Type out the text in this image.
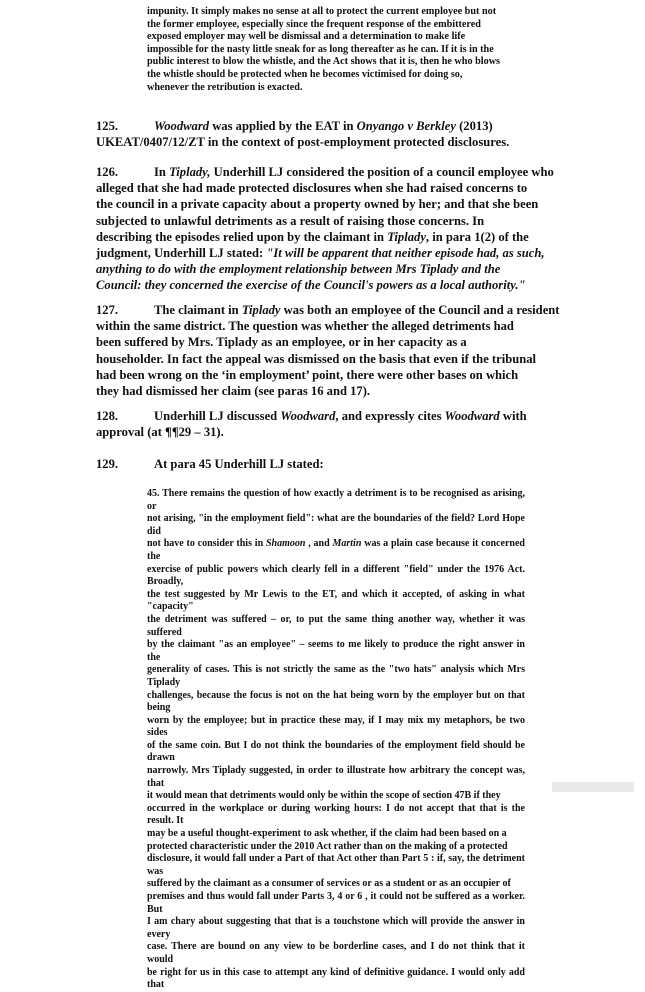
impunity. It simply makes no sense at all to protect the current employee but not
the former employee, especially since the frequent response of the embittered
exposed employer may well be dismissal and a determination to make life
impossible for the nasty little sneak for as long thereafter as he can. If it is in the
public interest to blow the whistle, and the Act shows that it is, then he who blows
the whistle should be protected when he becomes victimised for doing so,
whenever the retribution is exacted.
125.	Woodward was applied by the EAT in Onyango v Berkley (2013)
UKEAT/0407/12/ZT in the context of post-employment protected disclosures.
126.	In Tiplady, Underhill LJ considered the position of a council employee who
alleged that she had made protected disclosures when she had raised concerns to
the council in a private capacity about a property owned by her; and that she been
subjected to unlawful detriments as a result of raising those concerns. In
describing the episodes relied upon by the claimant in Tiplady, in para 1(2) of the
judgment, Underhill LJ stated: "It will be apparent that neither episode had, as such,
anything to do with the employment relationship between Mrs Tiplady and the
Council: they concerned the exercise of the Council's powers as a local authority."
127.	The claimant in Tiplady was both an employee of the Council and a resident
within the same district. The question was whether the alleged detriments had
been suffered by Mrs. Tiplady as an employee, or in her capacity as a
householder. In fact the appeal was dismissed on the basis that even if the tribunal
had been wrong on the ‘in employment’ point, there were other bases on which
they had dismissed her claim (see paras 16 and 17).
128.	Underhill LJ discussed Woodward, and expressly cites Woodward with
approval (at ¶¶29 – 31).
129.	At para 45 Underhill LJ stated:
45. There remains the question of how exactly a detriment is to be recognised as arising, or
not arising, "in the employment field": what are the boundaries of the field? Lord Hope did
not have to consider this in Shamoon , and Martin was a plain case because it concerned the
exercise of public powers which clearly fell in a different "field" under the 1976 Act. Broadly,
the test suggested by Mr Lewis to the ET, and which it accepted, of asking in what "capacity"
the detriment was suffered – or, to put the same thing another way, whether it was suffered
by the claimant "as an employee" – seems to me likely to produce the right answer in the
generality of cases. This is not strictly the same as the "two hats" analysis which Mrs Tiplady
challenges, because the focus is not on the hat being worn by the employer but on that being
worn by the employee; but in practice these may, if I may mix my metaphors, be two sides
of the same coin. But I do not think the boundaries of the employment field should be drawn
narrowly. Mrs Tiplady suggested, in order to illustrate how arbitrary the concept was, that
it would mean that detriments would only be within the scope of section 47B if they
occurred in the workplace or during working hours: I do not accept that that is the result. It
may be a useful thought-experiment to ask whether, if the claim had been based on a
protected characteristic under the 2010 Act rather than on the making of a protected
disclosure, it would fall under a Part of that Act other than Part 5 : if, say, the detriment was
suffered by the claimant as a consumer of services or as a student or as an occupier of
premises and thus would fall under Parts 3, 4 or 6 , it could not be suffered as a worker. But
I am chary about suggesting that that is a touchstone which will provide the answer in every
case. There are bound on any view to be borderline cases, and I do not think that it would
be right for us in this case to attempt any kind of definitive guidance. I would only add that
